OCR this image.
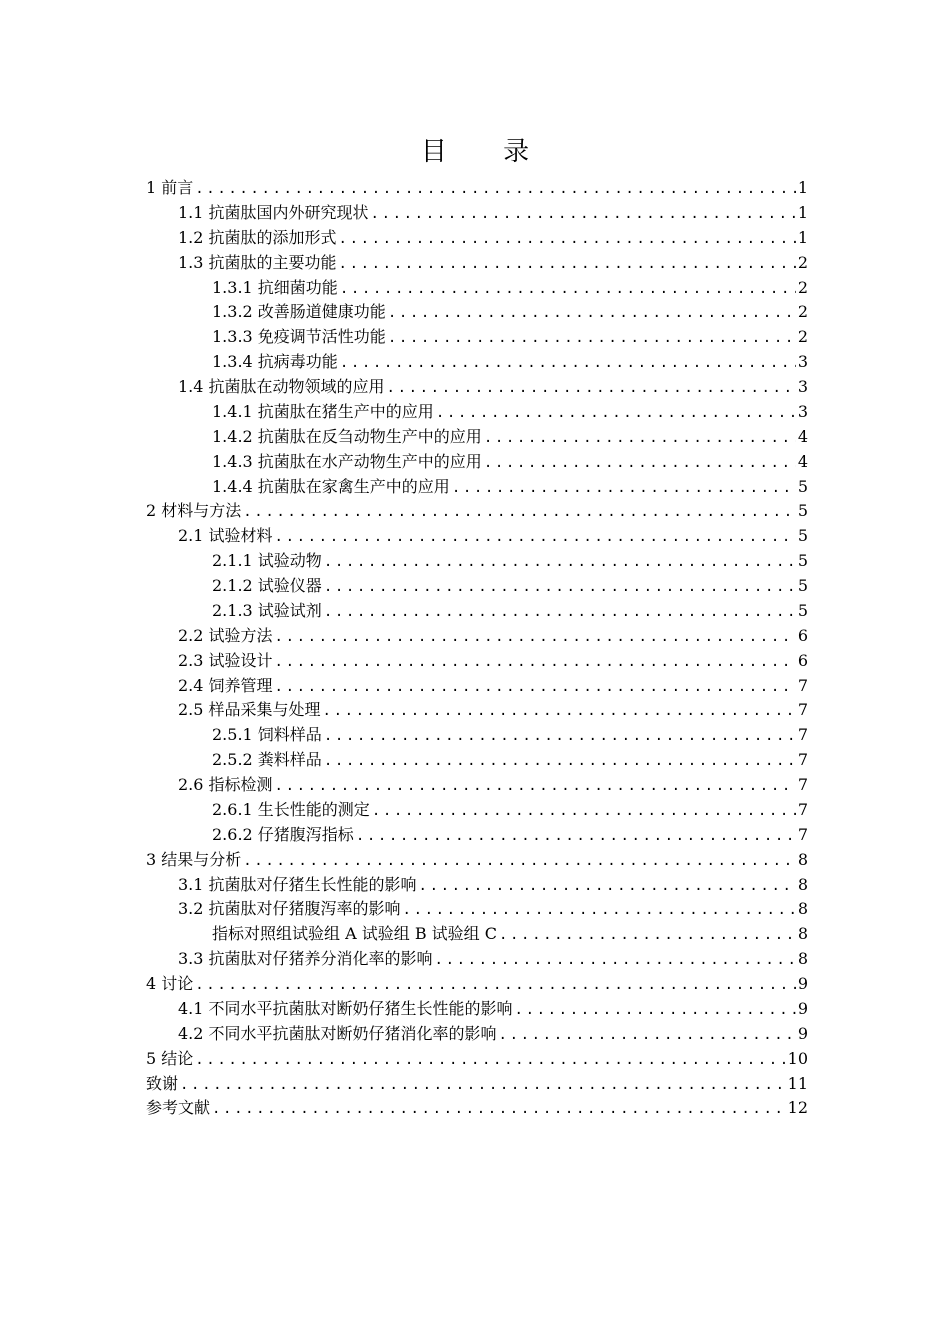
目 录
1 前言 .....	1
1.1 抗菌肽国内外研究现状 .....	1
1.2 抗菌肽的添加形式 .....	1
1.3 抗菌肽的主要功能 .....	2
1.3.1 抗细菌功能 .....	2
1.3.2 改善肠道健康功能 .....	2
1.3.3 免疫调节活性功能 .....	2
1.3.4 抗病毒功能 .....	3
1.4 抗菌肽在动物领域的应用 .....	3
1.4.1 抗菌肽在猪生产中的应用 .....	3
1.4.2 抗菌肽在反刍动物生产中的应用 .....	4
1.4.3 抗菌肽在水产动物生产中的应用 .....	4
1.4.4 抗菌肽在家禽生产中的应用 .....	5
2 材料与方法 .....	5
2.1 试验材料 .....	5
2.1.1 试验动物 .....	5
2.1.2 试验仪器 .....	5
2.1.3 试验试剂 .....	5
2.2 试验方法 .....	6
2.3 试验设计 .....	6
2.4 饲养管理 .....	7
2.5 样品采集与处理 .....	7
2.5.1 饲料样品 .....	7
2.5.2 粪料样品 .....	7
2.6 指标检测 .....	7
2.6.1 生长性能的测定 .....	7
2.6.2 仔猪腹泻指标 .....	7
3 结果与分析 .....	8
3.1 抗菌肽对仔猪生长性能的影响 .....	8
3.2 抗菌肽对仔猪腹泻率的影响 .....	8
指标对照组试验组 A 试验组 B 试验组 C .....	8
3.3 抗菌肽对仔猪养分消化率的影响 .....	8
4 讨论 .....	9
4.1 不同水平抗菌肽对断奶仔猪生长性能的影响 .....	9
4.2 不同水平抗菌肽对断奶仔猪消化率的影响 .....	9
5 结论 .....	10
致谢 .....	11
参考文献 .....	12
